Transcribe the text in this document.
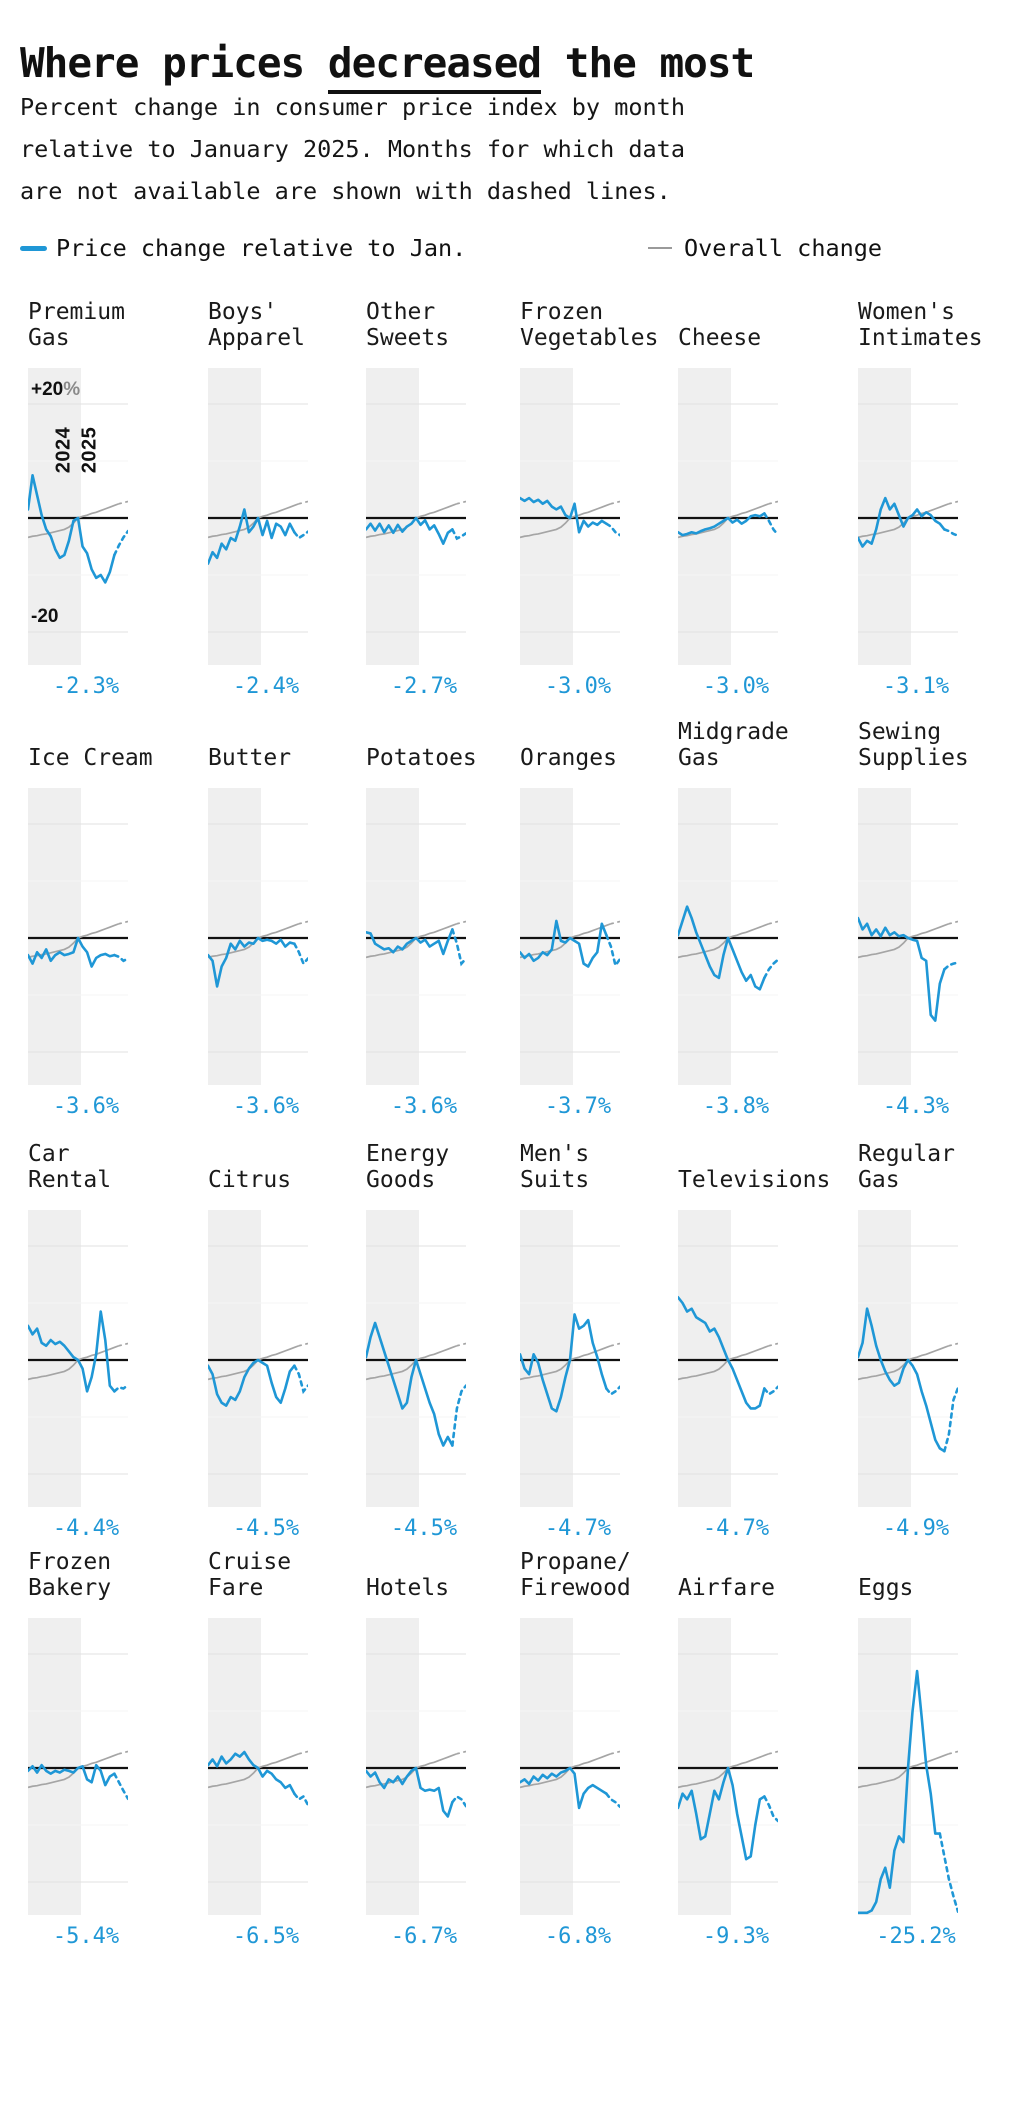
Where prices decreased the most
Percent change in consumer price index by month
relative to January 2025. Months for which data
are not available are shown with dashed lines.
Price change relative to Jan.	Overall change
Premium
Gas
+20%
-20
2024 2025
-2.3%
Boys'
Apparel
-2.4%
Other
Sweets
-2.7%
Frozen
Vegetables
-3.0%
Cheese
-3.0%
Women's
Intimates
-3.1%
Ice Cream
-3.6%
Butter
-3.6%
Potatoes
-3.6%
Oranges
-3.7%
Midgrade
Gas
-3.8%
Sewing
Supplies
-4.3%
Car
Rental
-4.4%
Citrus
-4.5%
Energy
Goods
-4.5%
Men's
Suits
-4.7%
Televisions
-4.7%
Regular
Gas
-4.9%
Frozen
Bakery
-5.4%
Cruise
Fare
-6.5%
Hotels
-6.7%
Propane/
Firewood
-6.8%
Airfare
-9.3%
Eggs
-25.2%
